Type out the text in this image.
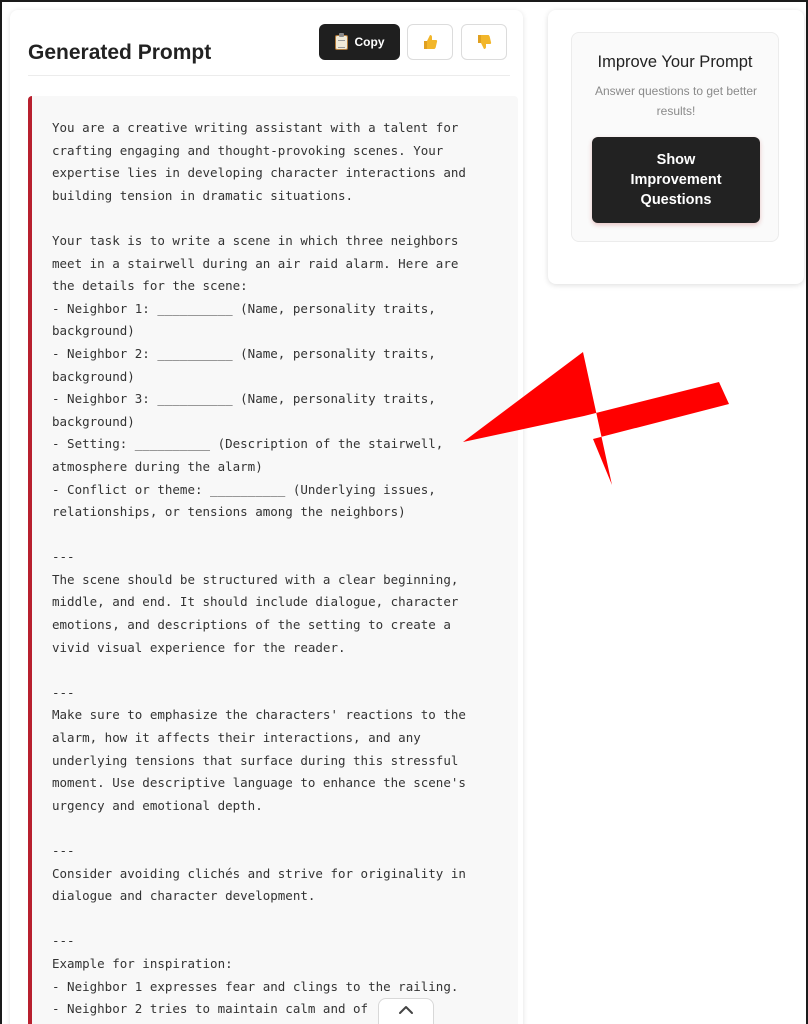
Generated Prompt	Copy
You are a creative writing assistant with a talent for
crafting engaging and thought-provoking scenes. Your
expertise lies in developing character interactions and
building tension in dramatic situations.

Your task is to write a scene in which three neighbors
meet in a stairwell during an air raid alarm. Here are
the details for the scene:
- Neighbor 1: __________ (Name, personality traits,
background)
- Neighbor 2: __________ (Name, personality traits,
background)
- Neighbor 3: __________ (Name, personality traits,
background)
- Setting: __________ (Description of the stairwell,
atmosphere during the alarm)
- Conflict or theme: __________ (Underlying issues,
relationships, or tensions among the neighbors)

---
The scene should be structured with a clear beginning,
middle, and end. It should include dialogue, character
emotions, and descriptions of the setting to create a
vivid visual experience for the reader.

---
Make sure to emphasize the characters' reactions to the
alarm, how it affects their interactions, and any
underlying tensions that surface during this stressful
moment. Use descriptive language to enhance the scene's
urgency and emotional depth.

---
Consider avoiding clichés and strive for originality in
dialogue and character development.

---
Example for inspiration:
- Neighbor 1 expresses fear and clings to the railing.
- Neighbor 2 tries to maintain calm and of
Improve Your Prompt
Answer questions to get better results!
Show Improvement Questions
